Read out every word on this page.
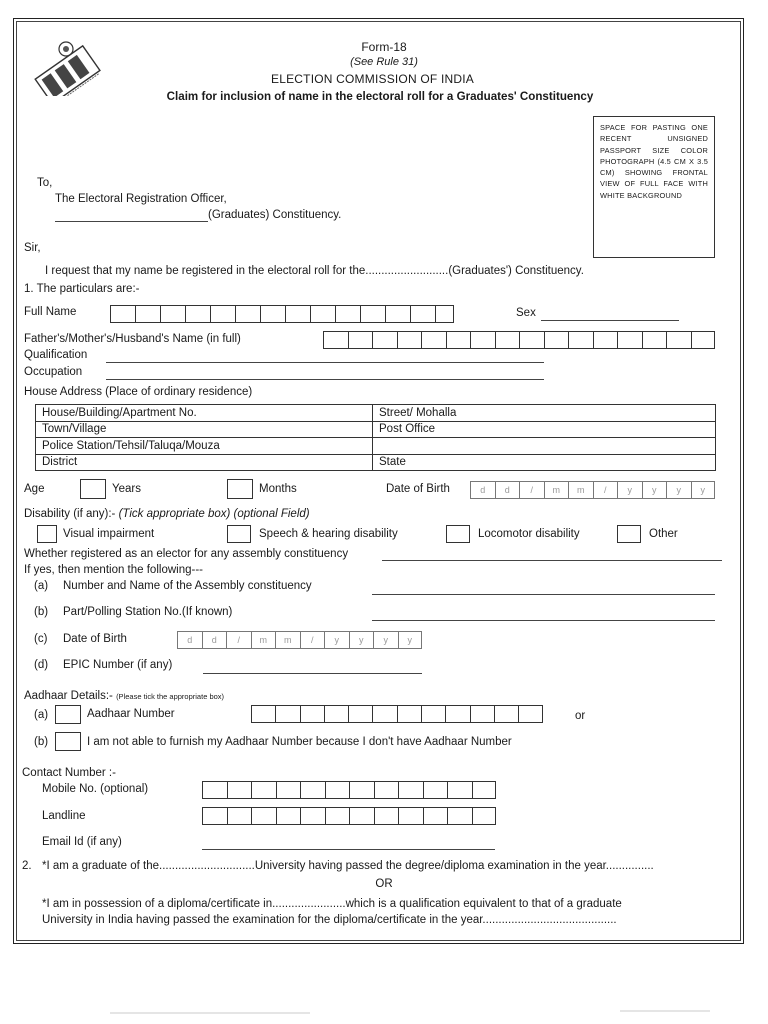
Form-18
(See Rule 31)
ELECTION COMMISSION OF INDIA
Claim for inclusion of name in the electoral roll for a Graduates' Constituency
SPACE FOR PASTING ONE RECENT UNSIGNED PASSPORT SIZE COLOR PHOTOGRAPH (4.5 CM X 3.5 CM) SHOWING FRONTAL VIEW OF FULL FACE WITH WHITE BACKGROUND
To,
The Electoral Registration Officer,
(Graduates) Constituency.
Sir,
I request that my name be registered in the electoral roll for the..........................(Graduates') Constituency.
1. The particulars are:-
Full Name	Sex
Father's/Mother's/Husband's Name (in full)
Qualification
Occupation
House Address (Place of ordinary residence)
House/Building/Apartment No.	Street/ Mohalla
Town/Village	Post Office
Police Station/Tehsil/Taluqa/Mouza	
District	State
Age	Years	Months	Date of Birth	d	d	/	m	m	/	y	y	y	y
Disability (if any):- (Tick appropriate box) (optional Field)
Visual impairment	Speech & hearing disability	Locomotor disability	Other
Whether registered as an elector for any assembly constituency
If yes, then mention the following---
(a) Number and Name of the Assembly constituency
(b) Part/Polling Station No.(If known)
(c) Date of Birth	d	d	/	m	m	/	y	y	y	y
(d) EPIC Number (if any)
Aadhaar Details:- (Please tick the appropriate box)
(a)	Aadhaar Number	or
(b)	I am not able to furnish my Aadhaar Number because I don't have Aadhaar Number
Contact Number :-
Mobile No. (optional)
Landline
Email Id (if any)
2. *I am a graduate of the..............................University having passed the degree/diploma examination in the year...............
OR
*I am in possession of a diploma/certificate in.......................which is a qualification equivalent to that of a graduate
University in India having passed the examination for the diploma/certificate in the year..........................................
